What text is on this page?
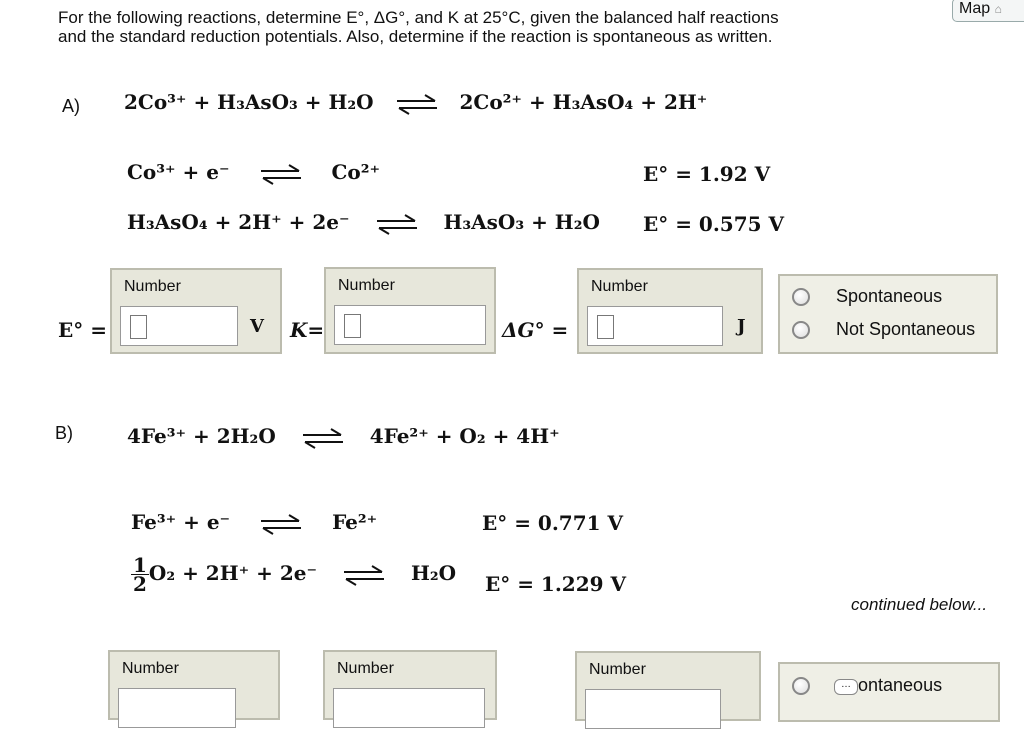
For the following reactions, determine E°, ΔG°, and K at 25°C, given the balanced half reactions
and the standard reduction potentials. Also, determine if the reaction is spontaneous as written.
Map ⌂
A) 2Co³⁺ + H₃AsO₃ + H₂O ⇌ 2Co²⁺ + H₃AsO₄ + 2H⁺
Co³⁺ + e⁻ ⇌ Co²⁺	E° = 1.92 V
H₃AsO₄ + 2H⁺ + 2e⁻ ⇌ H₃AsO₃ + H₂O E° = 0.575 V
E° =
Number
V K=
Number
ΔG° =
Number
J
Spontaneous
Not Spontaneous
B)	4Fe³⁺ + 2H₂O ⇌ 4Fe²⁺ + O₂ + 4H⁺
Fe³⁺ + e⁻ ⇌ Fe²⁺	E° = 0.771 V
$\frac{1}{2} O_2 + 2H^+ + 2e^-$ ⇌ H₂O E° = 1.229 V
continued below...
Number	Number	Number
… ontaneous
